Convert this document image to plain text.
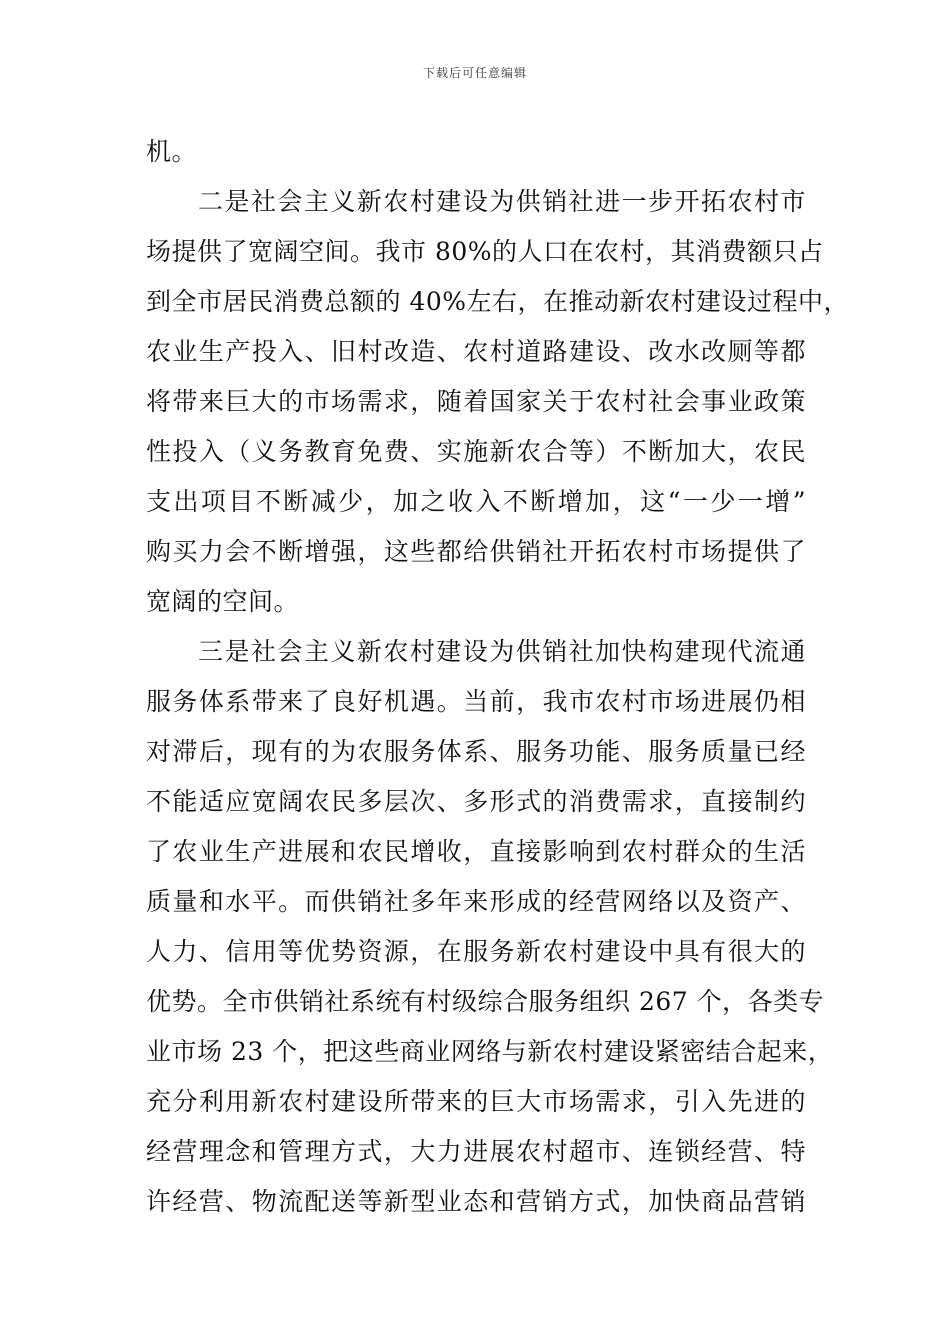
下载后可任意编辑
机。
二是社会主义新农村建设为供销社进一步开拓农村市
场提供了宽阔空间。我市 80%的人口在农村，其消费额只占
到全市居民消费总额的 40%左右，在推动新农村建设过程中，
农业生产投入、旧村改造、农村道路建设、改水改厕等都
将带来巨大的市场需求，随着国家关于农村社会事业政策
性投入（义务教育免费、实施新农合等）不断加大，农民
支出项目不断减少，加之收入不断增加，这“一少一增”
购买力会不断增强，这些都给供销社开拓农村市场提供了
宽阔的空间。
三是社会主义新农村建设为供销社加快构建现代流通
服务体系带来了良好机遇。当前，我市农村市场进展仍相
对滞后，现有的为农服务体系、服务功能、服务质量已经
不能适应宽阔农民多层次、多形式的消费需求，直接制约
了农业生产进展和农民增收，直接影响到农村群众的生活
质量和水平。而供销社多年来形成的经营网络以及资产、
人力、信用等优势资源，在服务新农村建设中具有很大的
优势。全市供销社系统有村级综合服务组织 267 个，各类专
业市场 23 个，把这些商业网络与新农村建设紧密结合起来，
充分利用新农村建设所带来的巨大市场需求，引入先进的
经营理念和管理方式，大力进展农村超市、连锁经营、特
许经营、物流配送等新型业态和营销方式，加快商品营销
